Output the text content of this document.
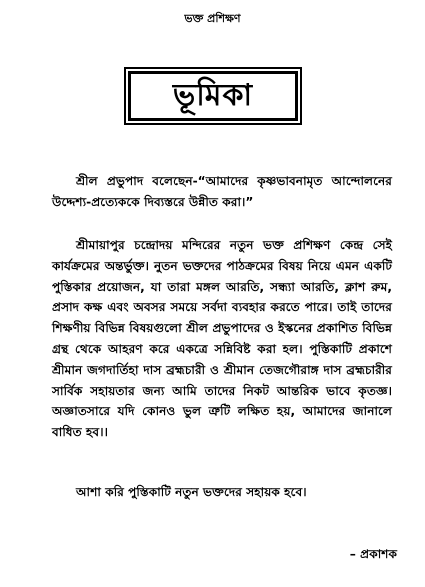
ভক্ত প্রশিক্ষণ
ভূমিকা

শ্রীল প্রভুপাদ বলেছেন-“আমাদের কৃষ্ণভাবনামৃত আন্দোলনের উদ্দেশ্য-প্রত্যেককে দিব্যস্তরে উন্নীত করা।”

শ্রীমায়াপুর চন্দ্রোদয় মন্দিরের নতুন ভক্ত প্রশিক্ষণ কেন্দ্র সেই কার্যক্রমের অন্তর্ভুক্ত। নুতন ভক্তদের পাঠক্রমের বিষয় নিয়ে এমন একটি পুস্তিকার প্রয়োজন, যা তারা মঙ্গল আরতি, সন্ধ্যা আরতি, ক্লাশ রুম, প্রসাদ কক্ষ এবং অবসর সময়ে সর্বদা ব্যবহার করতে পারে। তাই তাদের শিক্ষণীয় বিভিন্ন বিষয়গুলো শ্রীল প্রভুপাদের ও ইস্কনের প্রকাশিত বিভিন্ন গ্রন্থ থেকে আহরণ করে একত্রে সন্নিবিষ্ট করা হল। পুস্তিকাটি প্রকাশে শ্রীমান জগদার্তিহা দাস ব্রহ্মচারী ও শ্রীমান তেজগৌরাঙ্গ দাস ব্রহ্মচারীর সার্বিক সহায়তার জন্য আমি তাদের নিকট আন্তরিক ভাবে কৃতজ্ঞ। অজ্ঞাতসারে যদি কোনও ভুল ত্রুটি লক্ষিত হয়, আমাদের জানালে বাধিত হব।।

আশা করি পুস্তিকাটি নতুন ভক্তদের সহায়ক হবে।

– প্রকাশক
